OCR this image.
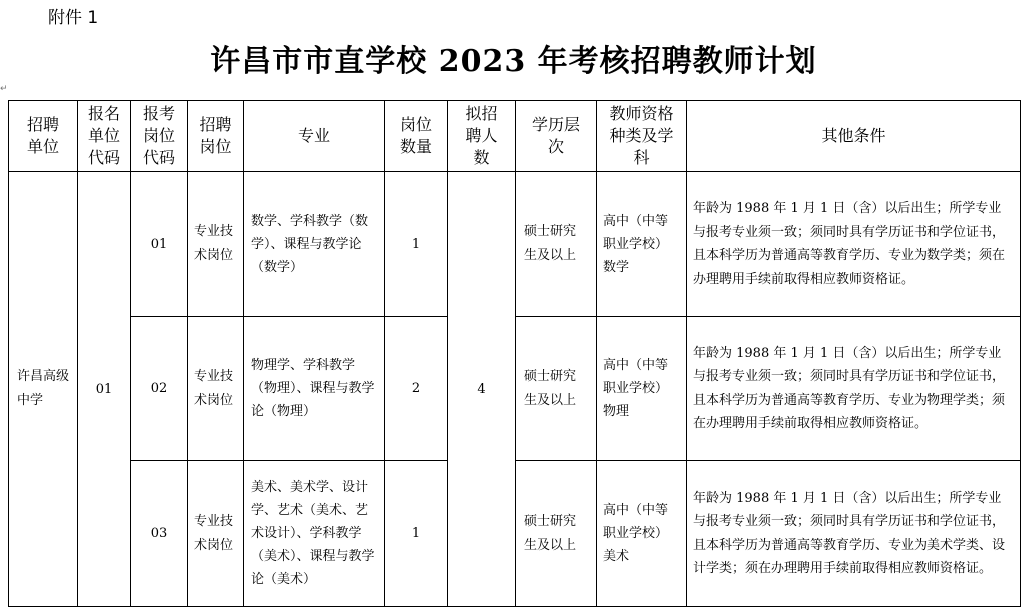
附件 1
许昌市市直学校 2023 年考核招聘教师计划
↵
招聘单位	报名单位代码	报考岗位代码	招聘岗位	专业	岗位数量	拟招聘人数	学历层次	教师资格种类及学科	其他条件
许昌高级中学	01	01	专业技术岗位	数学、学科教学（数学）、课程与教学论（数学）	1	4	硕士研究生及以上	高中（中等职业学校）数学	年龄为 1988 年 1 月 1 日（含）以后出生；所学专业与报考专业须一致；须同时具有学历证书和学位证书，且本科学历为普通高等教育学历、专业为数学类；须在办理聘用手续前取得相应教师资格证。
		02	专业技术岗位	物理学、学科教学（物理）、课程与教学论（物理）	2		硕士研究生及以上	高中（中等职业学校）物理	年龄为 1988 年 1 月 1 日（含）以后出生；所学专业与报考专业须一致；须同时具有学历证书和学位证书，且本科学历为普通高等教育学历、专业为物理学类；须在办理聘用手续前取得相应教师资格证。
		03	专业技术岗位	美术、美术学、设计学、艺术（美术、艺术设计）、学科教学（美术）、课程与教学论（美术）	1		硕士研究生及以上	高中（中等职业学校）美术	年龄为 1988 年 1 月 1 日（含）以后出生；所学专业与报考专业须一致；须同时具有学历证书和学位证书，且本科学历为普通高等教育学历、专业为美术学类、设计学类；须在办理聘用手续前取得相应教师资格证。
